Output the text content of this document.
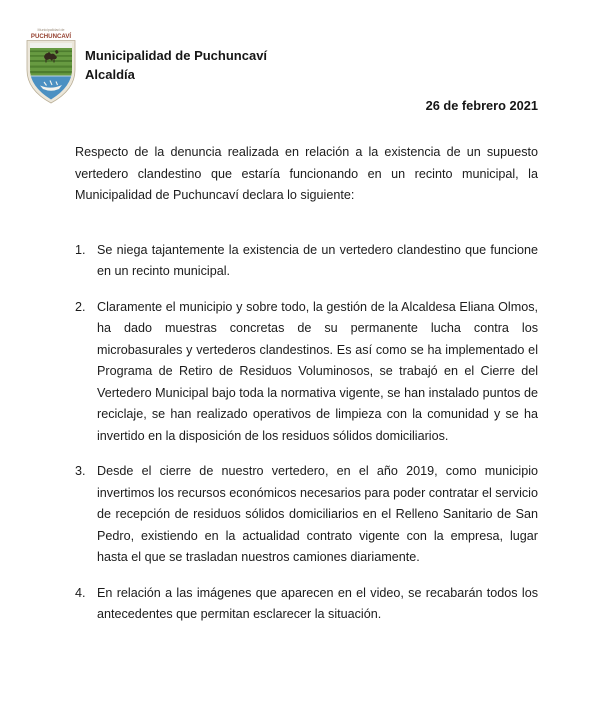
Municipalidad de
PUCHUNCAVÍ
Municipalidad de Puchuncaví
Alcaldía
26 de febrero 2021

Respecto de la denuncia realizada en relación a la existencia de un supuesto vertedero clandestino que estaría funcionando en un recinto municipal, la Municipalidad de Puchuncaví declara lo siguiente:

1. Se niega tajantemente la existencia de un vertedero clandestino que funcione en un recinto municipal.
2. Claramente el municipio y sobre todo, la gestión de la Alcaldesa Eliana Olmos, ha dado muestras concretas de su permanente lucha contra los microbasurales y vertederos clandestinos. Es así como se ha implementado el Programa de Retiro de Residuos Voluminosos, se trabajó en el Cierre del Vertedero Municipal bajo toda la normativa vigente, se han instalado puntos de reciclaje, se han realizado operativos de limpieza con la comunidad y se ha invertido en la disposición de los residuos sólidos domiciliarios.
3. Desde el cierre de nuestro vertedero, en el año 2019, como municipio invertimos los recursos económicos necesarios para poder contratar el servicio de recepción de residuos sólidos domiciliarios en el Relleno Sanitario de San Pedro, existiendo en la actualidad contrato vigente con la empresa, lugar hasta el que se trasladan nuestros camiones diariamente.
4. En relación a las imágenes que aparecen en el video, se recabarán todos los antecedentes que permitan esclarecer la situación.
